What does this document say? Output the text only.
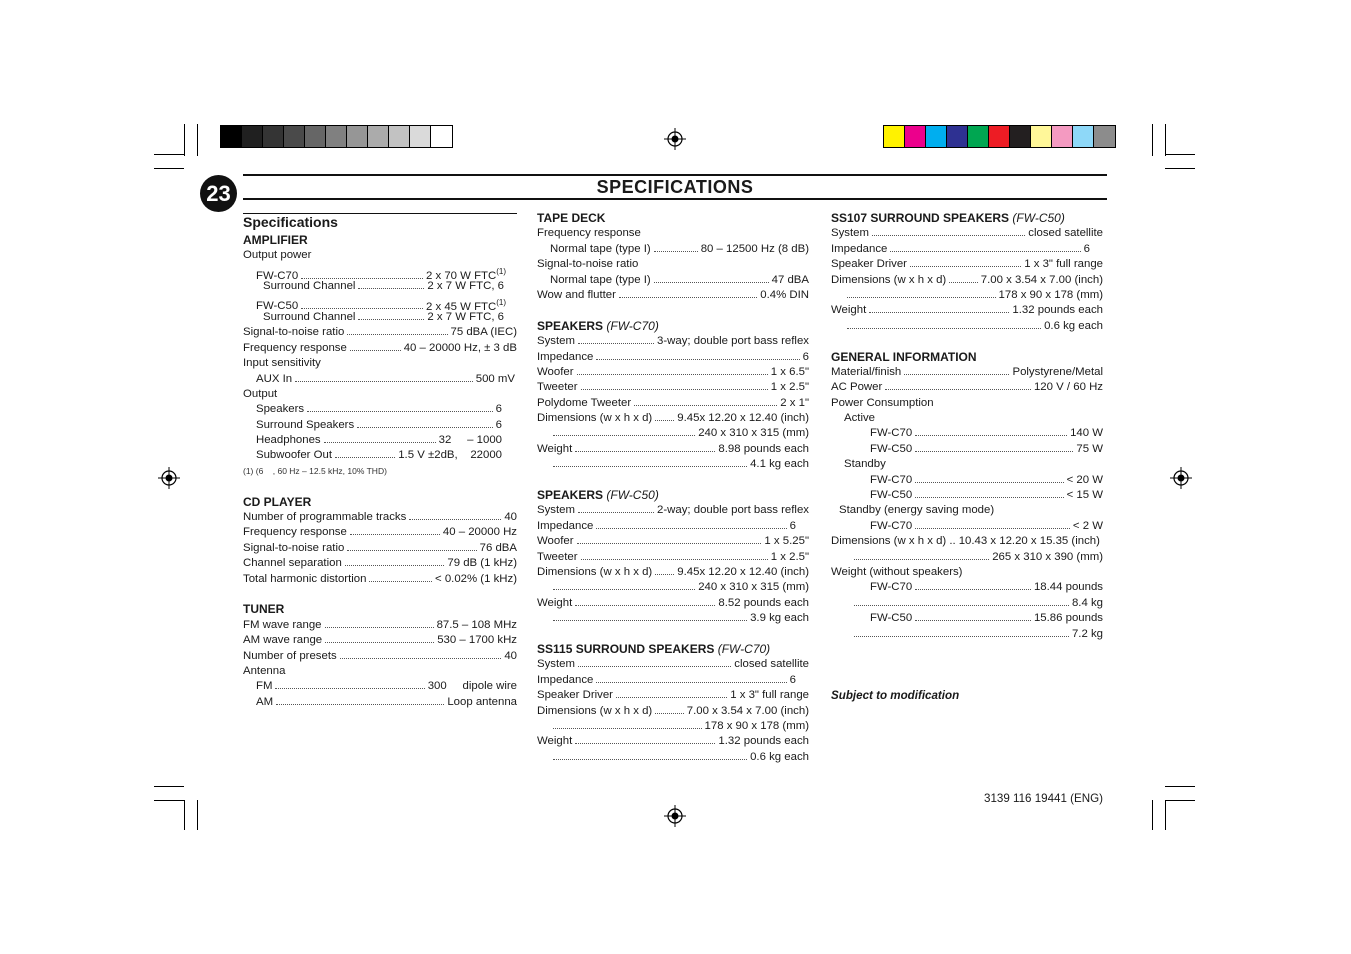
23	SPECIFICATIONS
Specifications
AMPLIFIER
Output power
FW-C70	2 x 70 W FTC$^{(1)}$
Surround Channel	2 x 7 W FTC, 6
FW-C50	2 x 45 W FTC$^{(1)}$
Surround Channel	2 x 7 W FTC, 6
Signal-to-noise ratio	75 dBA (IEC)
Frequency response	40 – 20000 Hz, ± 3 dB
Input sensitivity
AUX In	500 mV
Output
Speakers	6
Surround Speakers	6
Headphones	32     – 1000
Subwoofer Out	1.5 V ±2dB,    22000
(1) (6    , 60 Hz – 12.5 kHz, 10% THD)
CD PLAYER
Number of programmable tracks	40
Frequency response	40 – 20000 Hz
Signal-to-noise ratio	76 dBA
Channel separation	79 dB (1 kHz)
Total harmonic distortion	< 0.02% (1 kHz)
TUNER
FM wave range	87.5 – 108 MHz
AM wave range	530 – 1700 kHz
Number of presets	40
Antenna
FM	300     dipole wire
AM	Loop antenna
TAPE DECK
Frequency response
Normal tape (type I)	80 – 12500 Hz (8 dB)
Signal-to-noise ratio
Normal tape (type I)	47 dBA
Wow and flutter	0.4% DIN
SPEAKERS (FW-C70)
System	3-way; double port bass reflex
Impedance	6
Woofer	1 x 6.5"
Tweeter	1 x 2.5"
Polydome Tweeter	2 x 1"
Dimensions (w x h x d) 9.45x 12.20 x 12.40 (inch)
240 x 310 x 315 (mm)
Weight	8.98 pounds each
4.1 kg each
SPEAKERS (FW-C50)
System	2-way; double port bass reflex
Impedance	6
Woofer	1 x 5.25"
Tweeter	1 x 2.5"
Dimensions (w x h x d) 9.45x 12.20 x 12.40 (inch)
240 x 310 x 315 (mm)
Weight	8.52 pounds each
3.9 kg each
SS115 SURROUND SPEAKERS (FW-C70)
System	closed satellite
Impedance	6
Speaker Driver	1 x 3" full range
Dimensions (w x h x d)	7.00 x 3.54 x 7.00 (inch)
178 x 90 x 178 (mm)
Weight	1.32 pounds each
0.6 kg each
SS107 SURROUND SPEAKERS (FW-C50)
System	closed satellite
Impedance	6
Speaker Driver	1 x 3" full range
Dimensions (w x h x d)	7.00 x 3.54 x 7.00 (inch)
178 x 90 x 178 (mm)
Weight	1.32 pounds each
0.6 kg each
GENERAL INFORMATION
Material/finish	Polystyrene/Metal
AC Power	120 V / 60 Hz
Power Consumption
Active
FW-C70	140 W
FW-C50	75 W
Standby
FW-C70	< 20 W
FW-C50	< 15 W
Standby (energy saving mode)
FW-C70	< 2 W
Dimensions (w x h x d) .. 10.43 x 12.20 x 15.35 (inch)
265 x 310 x 390 (mm)
Weight (without speakers)
FW-C70	18.44 pounds
8.4 kg
FW-C50	15.86 pounds
7.2 kg
Subject to modification
3139 116 19441 (ENG)
